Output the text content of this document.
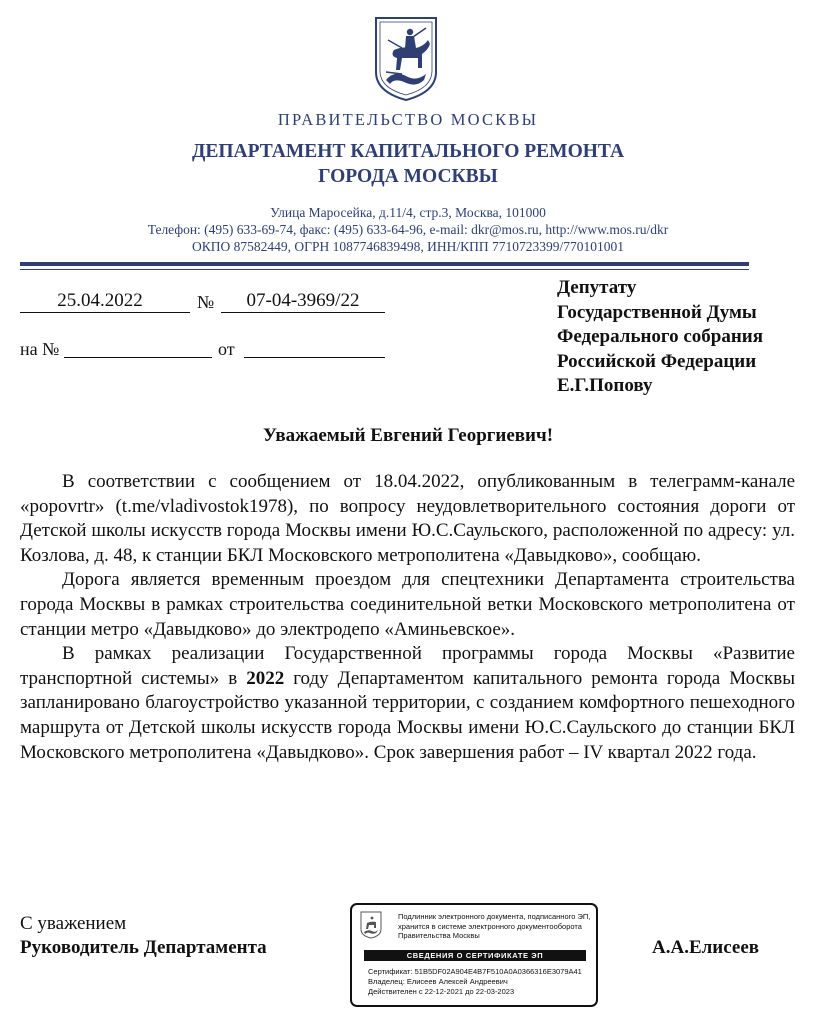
ПРАВИТЕЛЬСТВО МОСКВЫ
ДЕПАРТАМЕНТ КАПИТАЛЬНОГО РЕМОНТА
ГОРОДА МОСКВЫ
Улица Маросейка, д.11/4, стр.3, Москва, 101000
Телефон: (495) 633-69-74, факс: (495) 633-64-96, e-mail: dkr@mos.ru, http://www.mos.ru/dkr
ОКПО 87582449, ОГРН 1087746839498, ИНН/КПП 7710723399/770101001
25.04.2022	№	07-04-3969/22
на №	от
Депутату
Государственной Думы
Федерального собрания
Российской Федерации
Е.Г.Попову
Уважаемый Евгений Георгиевич!

В соответствии с сообщением от 18.04.2022, опубликованным в телеграмм-канале «popovrtr» (t.me/vladivostok1978), по вопросу неудовлетворительного состояния дороги от Детской школы искусств города Москвы имени Ю.С.Саульского, расположенной по адресу: ул. Козлова, д. 48, к станции БКЛ Московского метрополитена «Давыдково», сообщаю.

Дорога является временным проездом для спецтехники Департамента строительства города Москвы в рамках строительства соединительной ветки Московского метрополитена от станции метро «Давыдково» до электродепо «Аминьевское».

В рамках реализации Государственной программы города Москвы «Развитие транспортной системы» в 2022 году Департаментом капитального ремонта города Москвы запланировано благоустройство указанной территории, с созданием комфортного пешеходного маршрута от Детской школы искусств города Москвы имени Ю.С.Саульского до станции БКЛ Московского метрополитена «Давыдково». Срок завершения работ – IV квартал 2022 года.

С уважением
Руководитель Департамента	А.А.Елисеев
Подлинник электронного документа, подписанного ЭП,
хранится в системе электронного документооборота
Правительства Москвы
СВЕДЕНИЯ О СЕРТИФИКАТЕ ЭП
Сертификат: 51B5DF02A904E4B7F510A0A0366316E3079A41
Владелец: Елисеев Алексей Андреевич
Действителен с 22-12-2021 до 22-03-2023
